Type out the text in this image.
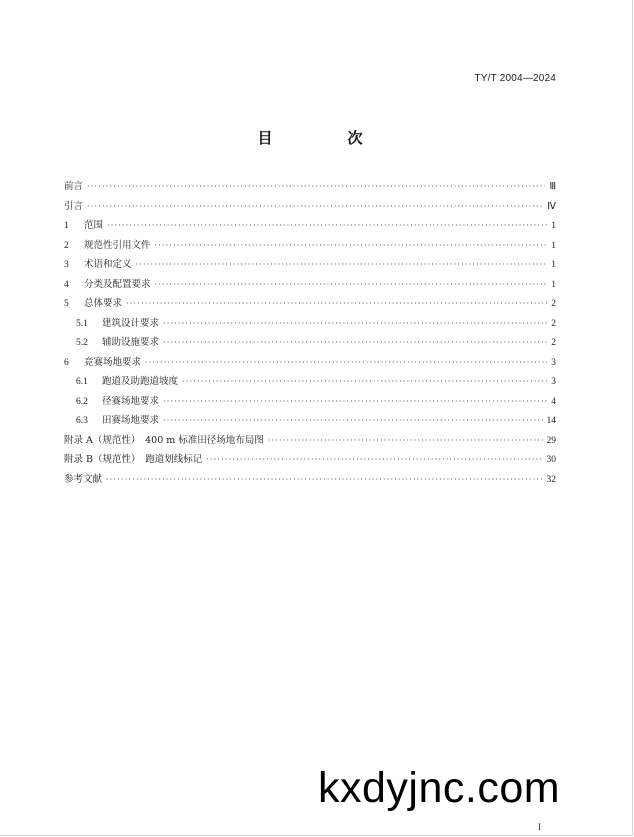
TY/T 2004—2024
目　次
前言 ·····	Ⅲ
引言 ·····	Ⅳ
1	范围 ·····	1
2	规范性引用文件 ·····	1
3	术语和定义 ·····	1
4	分类及配置要求 ·····	1
5	总体要求 ·····	2
5.1	建筑设计要求 ·····	2
5.2	辅助设施要求 ·····	2
6	竞赛场地要求 ·····	3
6.1	跑道及助跑道坡度 ·····	3
6.2	径赛场地要求 ·····	4
6.3	田赛场地要求 ·····	14
附录 A（规范性）　400 m 标准田径场地布局图 ·····	29
附录 B（规范性）　跑道划线标记 ·····	30
参考文献 ·····	32
kxdyjnc.com
I
